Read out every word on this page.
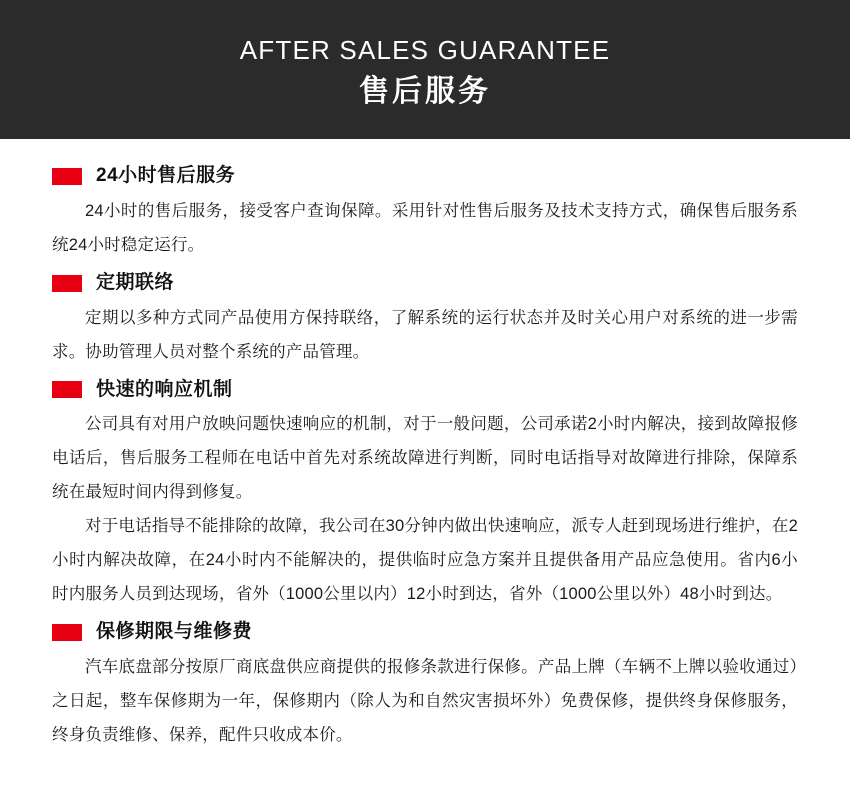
AFTER SALES GUARANTEE
售后服务
24小时售后服务

24小时的售后服务，接受客户查询保障。采用针对性售后服务及技术支持方式，确保售后服务系统24小时稳定运行。

定期联络

定期以多种方式同产品使用方保持联络，了解系统的运行状态并及时关心用户对系统的进一步需求。协助管理人员对整个系统的产品管理。

快速的响应机制

公司具有对用户放映问题快速响应的机制，对于一般问题，公司承诺2小时内解决，接到故障报修电话后，售后服务工程师在电话中首先对系统故障进行判断，同时电话指导对故障进行排除，保障系统在最短时间内得到修复。

对于电话指导不能排除的故障，我公司在30分钟内做出快速响应，派专人赶到现场进行维护，在2小时内解决故障，在24小时内不能解决的，提供临时应急方案并且提供备用产品应急使用。省内6小时内服务人员到达现场，省外（1000公里以内）12小时到达，省外（1000公里以外）48小时到达。

保修期限与维修费

汽车底盘部分按原厂商底盘供应商提供的报修条款进行保修。产品上牌（车辆不上牌以验收通过）之日起，整车保修期为一年，保修期内（除人为和自然灾害损坏外）免费保修，提供终身保修服务，终身负责维修、保养，配件只收成本价。
